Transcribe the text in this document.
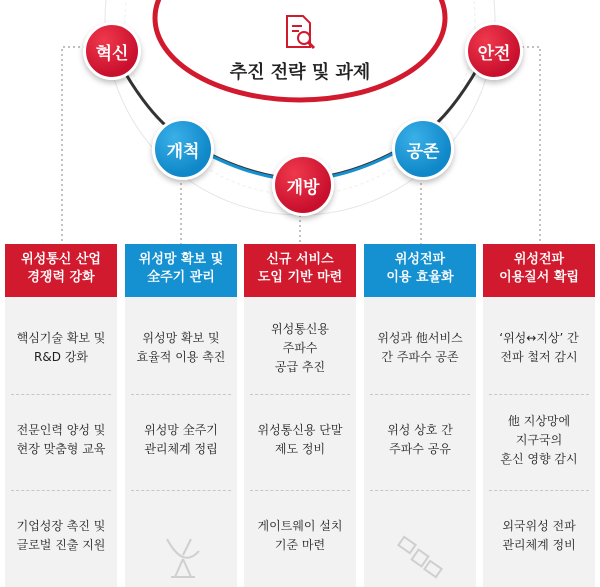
추진 전략 및 과제
혁신	안전
개척	공존
개방
위성통신 산업
경쟁력 강화
핵심기술 확보 및
R&D 강화
전문인력 양성 및
현장 맞춤형 교육
기업성장 촉진 및
글로벌 진출 지원
위성망 확보 및
全주기 관리
위성망 확보 및
효율적 이용 촉진
위성망 全주기
관리체계 정립
신규 서비스
도입 기반 마련
위성통신용
주파수
공급 추진
위성통신용 단말
제도 정비
게이트웨이 설치
기준 마련
위성전파
이용 효율화
위성과 他서비스
간 주파수 공존
위성 상호 간
주파수 공유
위성전파
이용질서 확립
‘위성↔지상’ 간
전파 철저 감시
他 지상망에
지구국의
혼신 영향 감시
외국위성 전파
관리체계 정비
